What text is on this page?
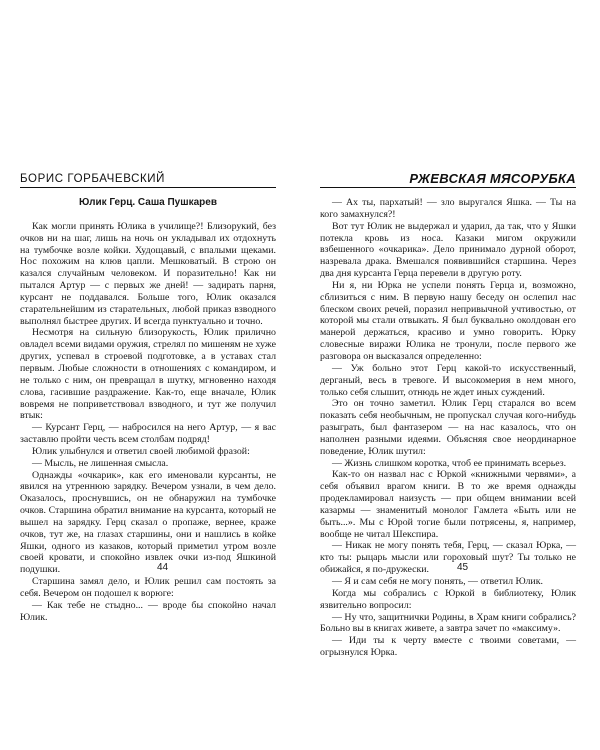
БОРИС ГОРБАЧЕВСКИЙ
Юлик Герц. Саша Пушкарев

Как могли принять Юлика в училище?! Близорукий, без очков ни на шаг, лишь на ночь он укладывал их отдохнуть на тумбочке возле койки. Худощавый, с впалыми щеками. Нос похожим на клюв цапли. Мешковатый. В строю он казался случайным человеком. И поразительно! Как ни пытался Артур — с первых же дней! — задирать парня, курсант не поддавался. Больше того, Юлик оказался старательнейшим из старательных, любой приказ взводного выполнял быстрее других. И всегда пунктуально и точно.

Несмотря на сильную близорукость, Юлик прилично овладел всеми видами оружия, стрелял по мишеням не хуже других, успевал в строевой подготовке, а в уставах стал первым. Любые сложности в отношениях с командиром, и не только с ним, он превращал в шутку, мгновенно находя слова, гасившие раздражение. Как-то, еще вначале, Юлик вовремя не поприветствовал взводного, и тут же получил втык:

— Курсант Герц, — набросился на него Артур, — я вас заставлю пройти честь всем столбам подряд!

Юлик улыбнулся и ответил своей любимой фразой:

— Мысль, не лишенная смысла.

Однажды «очкарик», как его именовали курсанты, не явился на утреннюю зарядку. Вечером узнали, в чем дело. Оказалось, проснувшись, он не обнаружил на тумбочке очков. Старшина обратил внимание на курсанта, который не вышел на зарядку. Герц сказал о пропаже, вернее, краже очков, тут же, на глазах старшины, они и нашлись в койке Яшки, одного из казаков, который приметил утром возле своей кровати, и спокойно извлек очки из-под Яшкиной подушки.

Старшина замял дело, и Юлик решил сам постоять за себя. Вечером он подошел к ворюге:

— Как тебе не стыдно... — вроде бы спокойно начал Юлик.

РЖЕВСКАЯ МЯСОРУБКА

— Ах ты, пархатый! — зло выругался Яшка. — Ты на кого замахнулся?!

Вот тут Юлик не выдержал и ударил, да так, что у Яшки потекла кровь из носа. Казаки мигом окружили взбешенного «очкарика». Дело принимало дурной оборот, назревала драка. Вмешался появившийся старшина. Через два дня курсанта Герца перевели в другую роту.

Ни я, ни Юрка не успели понять Герца и, возможно, сблизиться с ним. В первую нашу беседу он ослепил нас блеском своих речей, поразил непривычной учтивостью, от которой мы стали отвыкать. Я был буквально околдован его манерой держаться, красиво и умно говорить. Юрку словесные виражи Юлика не тронули, после первого же разговора он высказался определенно:

— Уж больно этот Герц какой-то искусственный, дерганый, весь в тревоге. И высокомерия в нем много, только себя слышит, отнюдь не ждет иных суждений.

Это он точно заметил. Юлик Герц старался во всем показать себя необычным, не пропускал случая кого-нибудь разыграть, был фантазером — на нас казалось, что он наполнен разными идеями. Объясняя свое неординарное поведение, Юлик шутил:

— Жизнь слишком коротка, чтоб ее принимать всерьез.

Как-то он назвал нас с Юркой «книжными червями», а себя объявил врагом книги. В то же время однажды продекламировал наизусть — при общем внимании всей казармы — знаменитый монолог Гамлета «Быть или не быть...». Мы с Юрой тогие были потрясены, я, например, вообще не читал Шекспира.

— Никак не могу понять тебя, Герц, — сказал Юрка, — кто ты: рыцарь мысли или гороховый шут? Ты только не обижайся, я по-дружески.

— Я и сам себя не могу понять, — ответил Юлик.

Когда мы собрались с Юркой в библиотеку, Юлик язвительно вопросил:

— Ну что, защитнички Родины, в Храм книги собрались? Больно вы в книгах живете, а завтра зачет по «максиму».

— Иди ты к черту вместе с твоими советами, — огрызнулся Юрка.

44	45
